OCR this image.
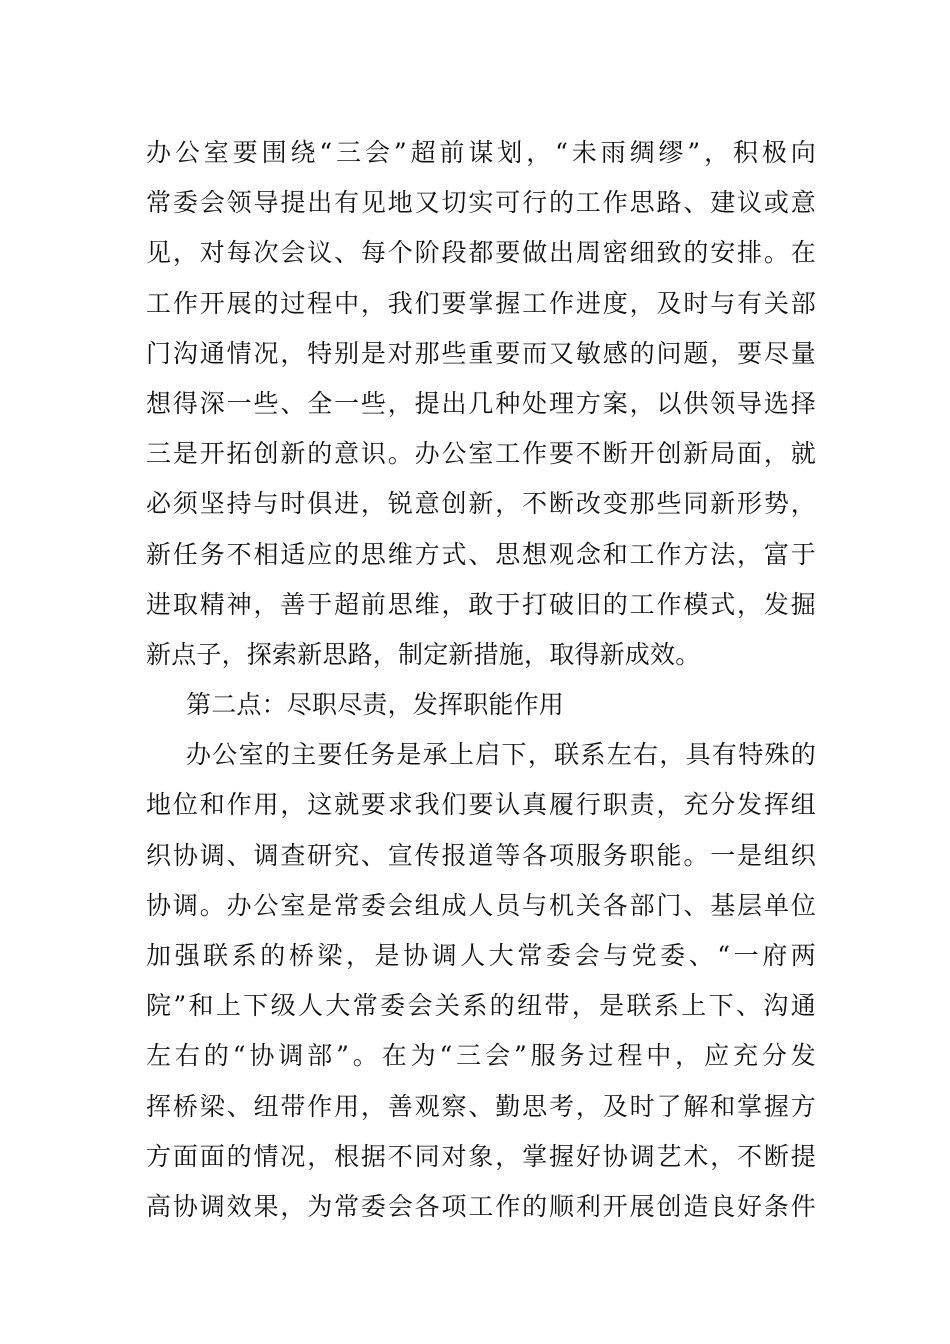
办公室要围绕“三会”超前谋划，“未雨绸缪”，积极向
常委会领导提出有见地又切实可行的工作思路、建议或意
见，对每次会议、每个阶段都要做出周密细致的安排。在
工作开展的过程中，我们要掌握工作进度，及时与有关部
门沟通情况，特别是对那些重要而又敏感的问题，要尽量
想得深一些、全一些，提出几种处理方案，以供领导选择
三是开拓创新的意识。办公室工作要不断开创新局面，就
必须坚持与时俱进，锐意创新，不断改变那些同新形势，
新任务不相适应的思维方式、思想观念和工作方法，富于
进取精神，善于超前思维，敢于打破旧的工作模式，发掘
新点子，探索新思路，制定新措施，取得新成效。
第二点：尽职尽责，发挥职能作用
办公室的主要任务是承上启下，联系左右，具有特殊的
地位和作用，这就要求我们要认真履行职责，充分发挥组
织协调、调查研究、宣传报道等各项服务职能。一是组织
协调。办公室是常委会组成人员与机关各部门、基层单位
加强联系的桥梁，是协调人大常委会与党委、“一府两
院”和上下级人大常委会关系的纽带，是联系上下、沟通
左右的“协调部”。在为“三会”服务过程中，应充分发
挥桥梁、纽带作用，善观察、勤思考，及时了解和掌握方
方面面的情况，根据不同对象，掌握好协调艺术，不断提
高协调效果，为常委会各项工作的顺利开展创造良好条件
